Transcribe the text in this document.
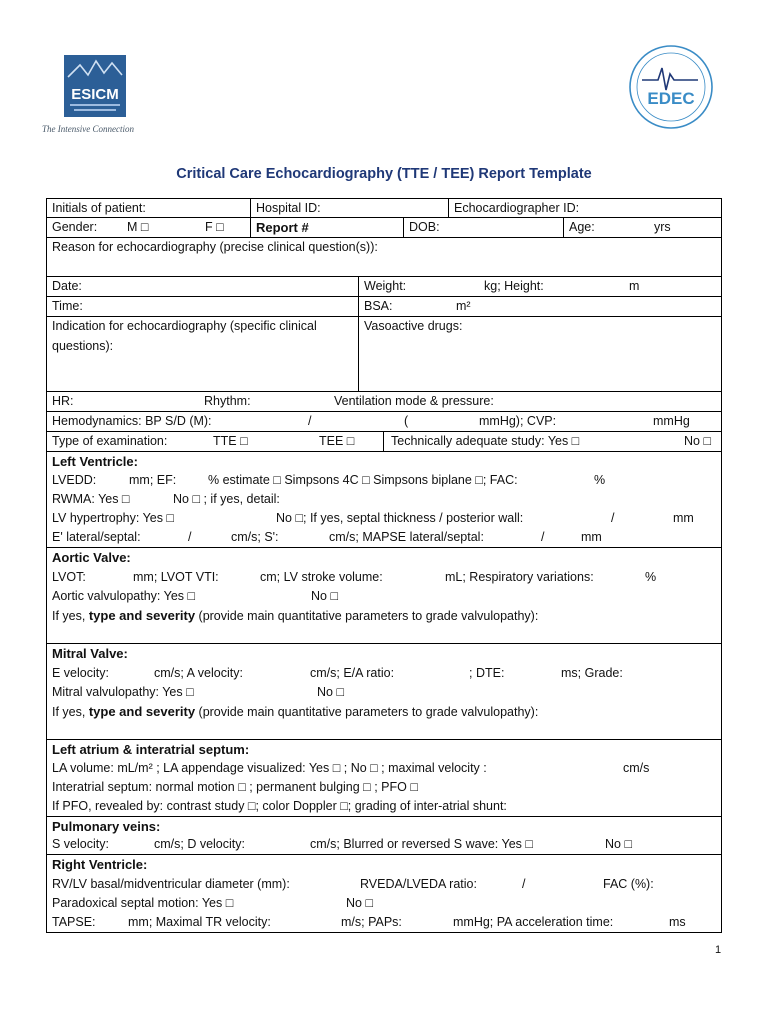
ESICM
The Intensive Connection
EDEC
Critical Care Echocardiography (TTE / TEE) Report Template
Initials of patient:	Hospital ID:	Echocardiographer ID:
Gender: M □	F □	Report #	DOB:	Age:	yrs
Reason for echocardiography (precise clinical question(s)):
Date:	Weight:	kg; Height:	m
Time:	BSA:	m²
Indication for echocardiography (specific clinical
questions):
Vasoactive drugs:
HR:	Rhythm:	Ventilation mode & pressure:
Hemodynamics: BP S/D (M):	/	(	mmHg); CVP:	mmHg
Type of examination:	TTE □	TEE □	Technically adequate study: Yes □	No □
Left Ventricle:
LVEDD:	mm; EF:	% estimate □ Simpsons 4C □ Simpsons biplane □; FAC:	%
RWMA: Yes □	No □ ; if yes, detail:
LV hypertrophy: Yes □	No □; If yes, septal thickness / posterior wall:	/	mm
E' lateral/septal:	/	cm/s; S':	cm/s; MAPSE lateral/septal:	/	mm
Aortic Valve:
LVOT:	mm; LVOT VTI:	cm; LV stroke volume:	mL; Respiratory variations:	%
Aortic valvulopathy: Yes □	No □
If yes, type and severity (provide main quantitative parameters to grade valvulopathy):
Mitral Valve:
E velocity:	cm/s; A velocity:	cm/s; E/A ratio:	; DTE:	ms; Grade:
Mitral valvulopathy: Yes □	No □
If yes, type and severity (provide main quantitative parameters to grade valvulopathy):
Left atrium & interatrial septum:
LA volume: mL/m² ; LA appendage visualized: Yes □ ; No □ ; maximal velocity :	cm/s
Interatrial septum: normal motion □ ; permanent bulging □ ; PFO □
If PFO, revealed by: contrast study □; color Doppler □; grading of inter-atrial shunt:
Pulmonary veins:
S velocity:	cm/s; D velocity:	cm/s; Blurred or reversed S wave: Yes □	No □
Right Ventricle:
RV/LV basal/midventricular diameter (mm):	RVEDA/LVEDA ratio:	/	FAC (%):
Paradoxical septal motion: Yes □	No □
TAPSE:	mm; Maximal TR velocity:	m/s; PAPs:	mmHg; PA acceleration time:	ms
1
